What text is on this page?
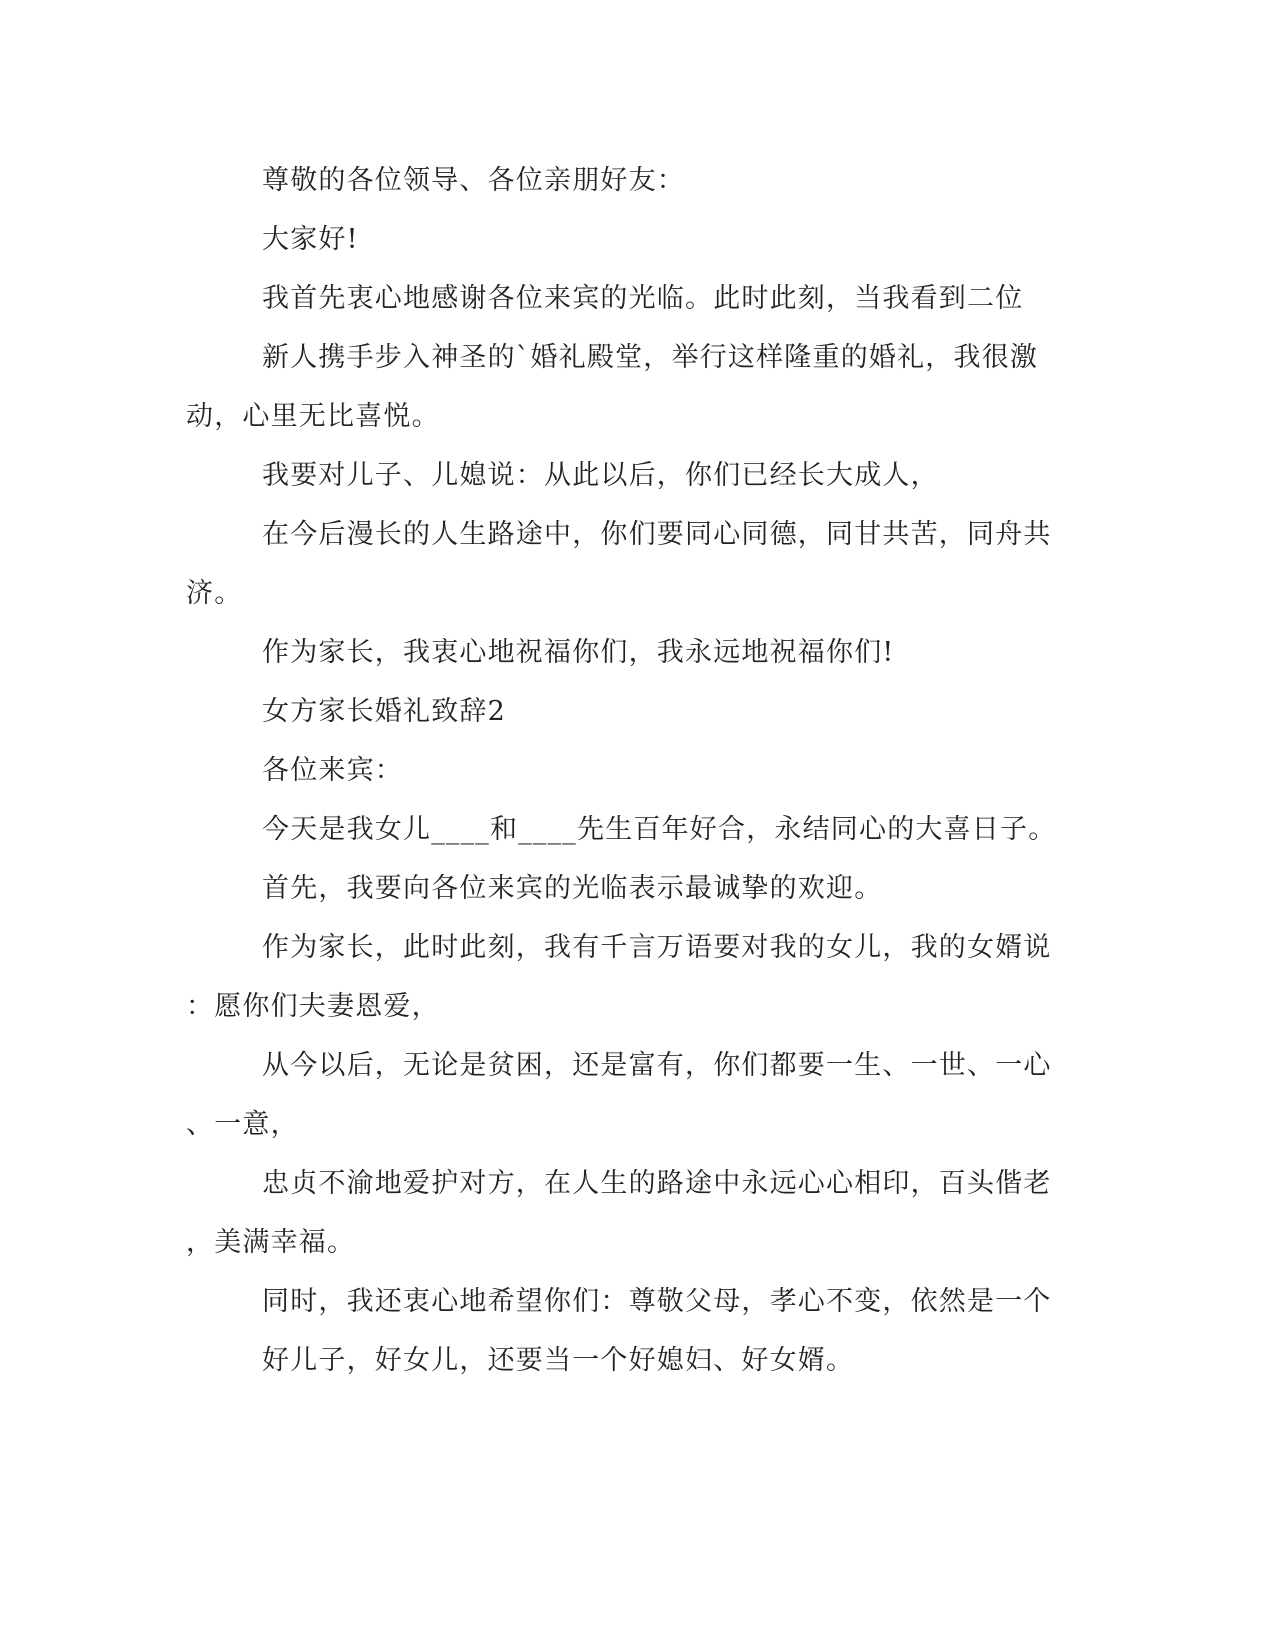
尊敬的各位领导、各位亲朋好友：
大家好!
我首先衷心地感谢各位来宾的光临。此时此刻，当我看到二位
新人携手步入神圣的`婚礼殿堂，举行这样隆重的婚礼，我很激
动，心里无比喜悦。
我要对儿子、儿媳说：从此以后，你们已经长大成人，
在今后漫长的人生路途中，你们要同心同德，同甘共苦，同舟共
济。
作为家长，我衷心地祝福你们，我永远地祝福你们!
女方家长婚礼致辞2
各位来宾：
今天是我女儿____和____先生百年好合，永结同心的大喜日子。
首先，我要向各位来宾的光临表示最诚挚的欢迎。
作为家长，此时此刻，我有千言万语要对我的女儿，我的女婿说
：愿你们夫妻恩爱，
从今以后，无论是贫困，还是富有，你们都要一生、一世、一心
、一意，
忠贞不渝地爱护对方，在人生的路途中永远心心相印，百头偕老
，美满幸福。
同时，我还衷心地希望你们：尊敬父母，孝心不变，依然是一个
好儿子，好女儿，还要当一个好媳妇、好女婿。
